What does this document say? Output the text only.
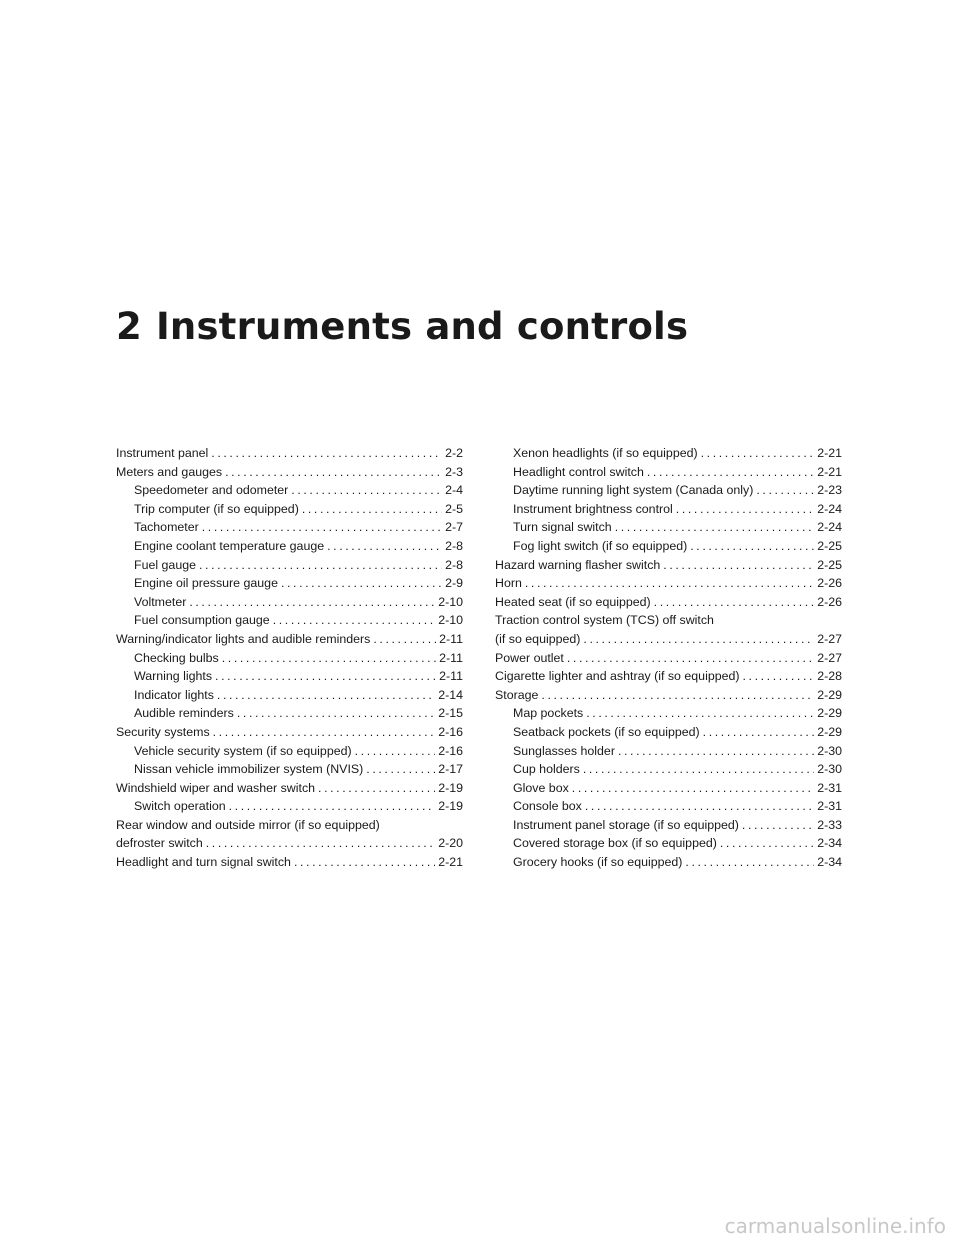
2 Instruments and controls
Instrument panel .....	2-2
Meters and gauges .....	2-3
Speedometer and odometer .....	2-4
Trip computer (if so equipped) .....	2-5
Tachometer .....	2-7
Engine coolant temperature gauge .....	2-8
Fuel gauge .....	2-8
Engine oil pressure gauge .....	2-9
Voltmeter .....	2-10
Fuel consumption gauge .....	2-10
Warning/indicator lights and audible reminders .....	2-11
Checking bulbs .....	2-11
Warning lights .....	2-11
Indicator lights .....	2-14
Audible reminders .....	2-15
Security systems .....	2-16
Vehicle security system (if so equipped) .....	2-16
Nissan vehicle immobilizer system (NVIS) .....	2-17
Windshield wiper and washer switch .....	2-19
Switch operation .....	2-19
Rear window and outside mirror (if so equipped)
defroster switch .....	2-20
Headlight and turn signal switch .....	2-21
Xenon headlights (if so equipped) .....	2-21
Headlight control switch .....	2-21
Daytime running light system (Canada only) .....	2-23
Instrument brightness control .....	2-24
Turn signal switch .....	2-24
Fog light switch (if so equipped) .....	2-25
Hazard warning flasher switch .....	2-25
Horn .....	2-26
Heated seat (if so equipped) .....	2-26
Traction control system (TCS) off switch
(if so equipped) .....	2-27
Power outlet .....	2-27
Cigarette lighter and ashtray (if so equipped) .....	2-28
Storage .....	2-29
Map pockets .....	2-29
Seatback pockets (if so equipped) .....	2-29
Sunglasses holder .....	2-30
Cup holders .....	2-30
Glove box .....	2-31
Console box .....	2-31
Instrument panel storage (if so equipped) .....	2-33
Covered storage box (if so equipped) .....	2-34
Grocery hooks (if so equipped) .....	2-34
carmanualsonline.info
